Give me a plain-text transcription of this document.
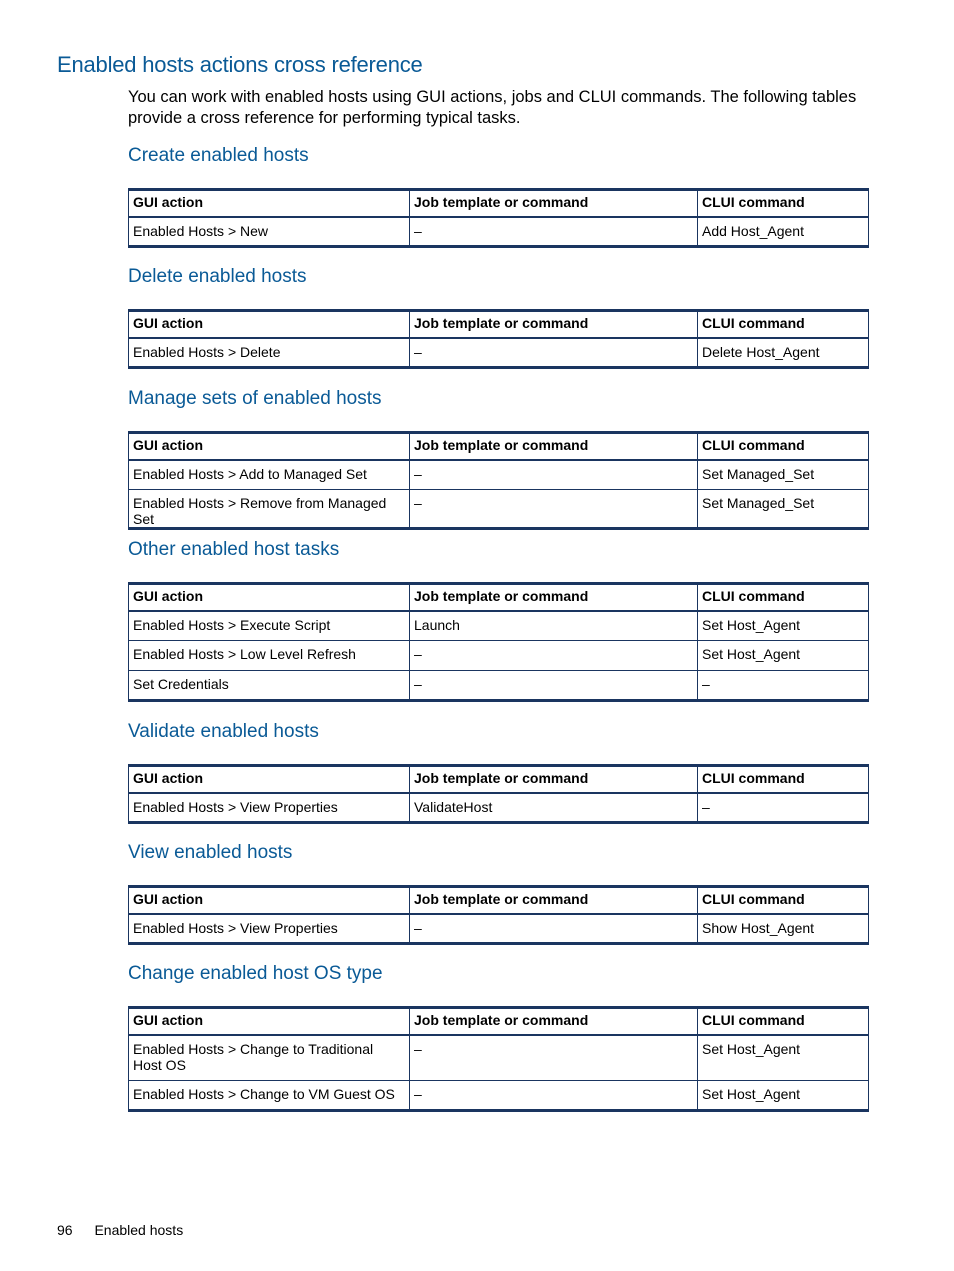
Enabled hosts actions cross reference

You can work with enabled hosts using GUI actions, jobs and CLUI commands. The following tables provide a cross reference for performing typical tasks.

Create enabled hosts
GUI action	Job template or command	CLUI command
Enabled Hosts > New	–	Add Host_Agent
Delete enabled hosts
GUI action	Job template or command	CLUI command
Enabled Hosts > Delete	–	Delete Host_Agent
Manage sets of enabled hosts
GUI action	Job template or command	CLUI command
Enabled Hosts > Add to Managed Set	–	Set Managed_Set
Enabled Hosts > Remove from Managed Set	–	Set Managed_Set
Other enabled host tasks
GUI action	Job template or command	CLUI command
Enabled Hosts > Execute Script	Launch	Set Host_Agent
Enabled Hosts > Low Level Refresh	–	Set Host_Agent
Set Credentials	–	–
Validate enabled hosts
GUI action	Job template or command	CLUI command
Enabled Hosts > View Properties	ValidateHost	–
View enabled hosts
GUI action	Job template or command	CLUI command
Enabled Hosts > View Properties	–	Show Host_Agent
Change enabled host OS type
GUI action	Job template or command	CLUI command
Enabled Hosts > Change to Traditional Host OS	–	Set Host_Agent
Enabled Hosts > Change to VM Guest OS	–	Set Host_Agent
96 Enabled hosts
